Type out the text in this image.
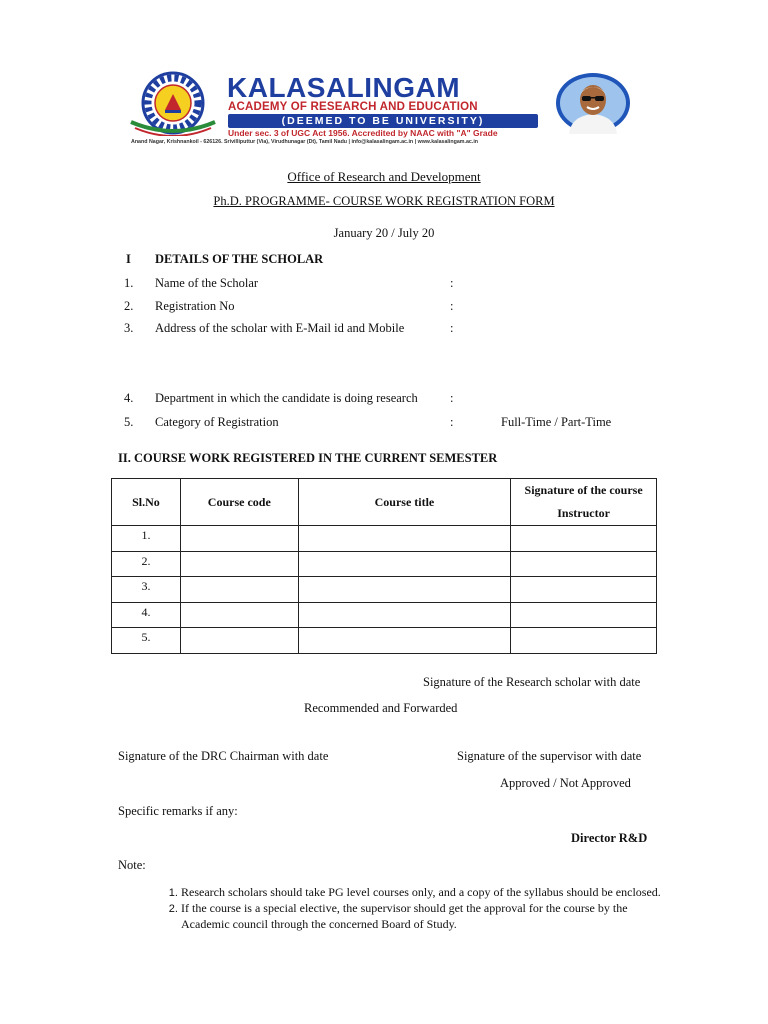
KALASALINGAM
ACADEMY OF RESEARCH AND EDUCATION
(DEEMED TO BE UNIVERSITY)
Under sec. 3 of UGC Act 1956. Accredited by NAAC with "A" Grade
Anand Nagar, Krishnankoil - 626126. Srivilliputtur (Via), Virudhunagar (Dt), Tamil Nadu | info@kalasalingam.ac.in | www.kalasalingam.ac.in
Office of Research and Development
Ph.D. PROGRAMME- COURSE WORK REGISTRATION FORM
January 20 / July 20
I DETAILS OF THE SCHOLAR
1. Name of the Scholar	:
2. Registration No	:
3. Address of the scholar with E-Mail id and Mobile	:
4. Department in which the candidate is doing research	:
5. Category of Registration	:	Full-Time / Part-Time
II. COURSE WORK REGISTERED IN THE CURRENT SEMESTER
Sl.No	Course code	Course title	Signature of the course
Instructor
1.			
2.			
3.			
4.			
5.			
Signature of the Research scholar with date
Recommended and Forwarded
Signature of the DRC Chairman with date	Signature of the supervisor with date
Approved / Not Approved
Specific remarks if any:
Director R&D
Note:
1. Research scholars should take PG level courses only, and a copy of the syllabus should be enclosed.
2. If the course is a special elective, the supervisor should get the approval for the course by the Academic council through the concerned Board of Study.
